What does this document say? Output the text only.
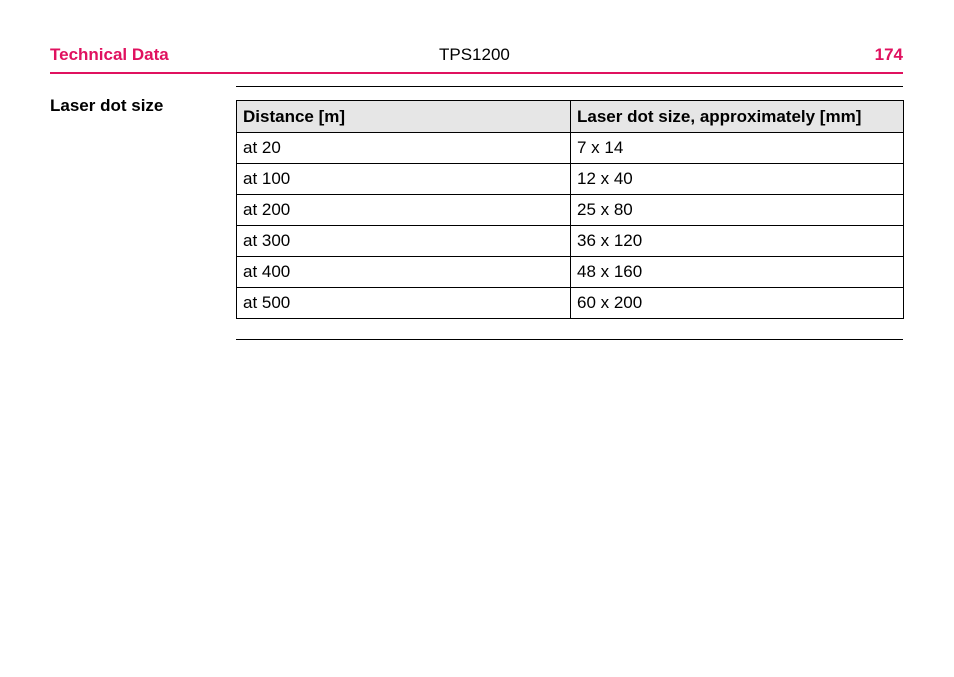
Technical Data	TPS1200	174
Laser dot size
Distance [m]	Laser dot size, approximately [mm]
at 20	7 x 14
at 100	12 x 40
at 200	25 x 80
at 300	36 x 120
at 400	48 x 160
at 500	60 x 200
